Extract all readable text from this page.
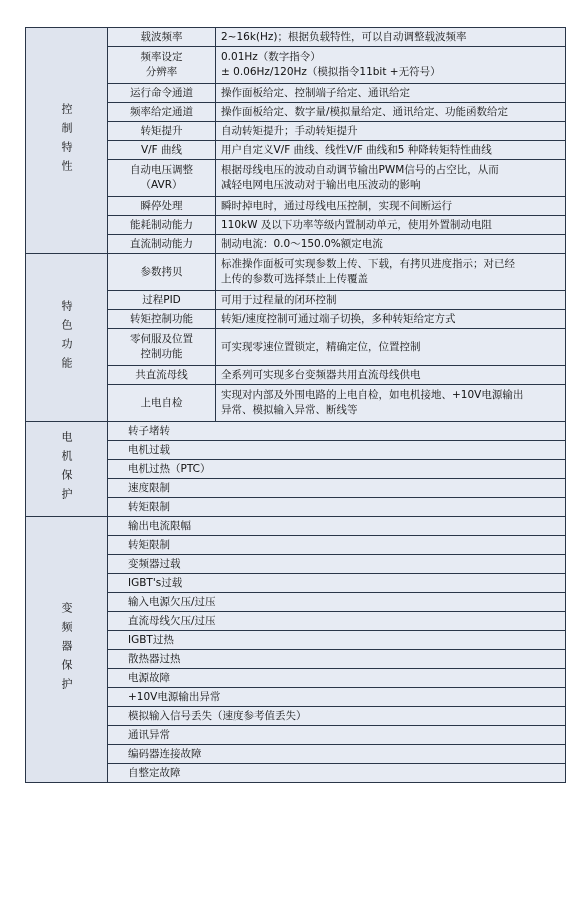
控制特性	载波频率	2~16k(Hz)；根据负载特性，可以自动调整载波频率

	频率设定
分辨率	0.01Hz（数字指令）
± 0.06Hz/120Hz（模拟指令11bit +无符号）

	运行命令通道	操作面板给定、控制端子给定、通讯给定

	频率给定通道	操作面板给定、数字量/模拟量给定、通讯给定、功能函数给定

	转矩提升	自动转矩提升；手动转矩提升

	V/F 曲线	用户自定义V/F 曲线、线性V/F 曲线和5 种降转矩特性曲线

	自动电压调整
（AVR）	根据母线电压的波动自动调节输出PWM信号的占空比，从而
减轻电网电压波动对于输出电压波动的影响

	瞬停处理	瞬时掉电时，通过母线电压控制，实现不间断运行

	能耗制动能力	110kW 及以下功率等级内置制动单元，使用外置制动电阻

	直流制动能力	制动电流：0.0～150.0%额定电流

特色功能	参数拷贝	标准操作面板可实现参数上传、下载，有拷贝进度指示；对已经
上传的参数可选择禁止上传覆盖

	过程PID	可用于过程量的闭环控制

	转矩控制功能	转矩/速度控制可通过端子切换，多种转矩给定方式

	零伺服及位置
控制功能	可实现零速位置锁定，精确定位，位置控制

	共直流母线	全系列可实现多台变频器共用直流母线供电

	上电自检	实现对内部及外围电路的上电自检，如电机接地、+10V电源输出
异常、模拟输入异常、断线等

电机保护	转子堵转	
	电机过载	
	电机过热（PTC）	
	速度限制	
	转矩限制	
变频器保护	输出电流限幅	
	转矩限制	
	变频器过载	
	IGBT's过载	
	输入电源欠压/过压	
	直流母线欠压/过压	
	IGBT过热	
	散热器过热	
	电源故障	
	+10V电源输出异常	
	模拟输入信号丢失（速度参考值丢失）	
	通讯异常	
	编码器连接故障	
	自整定故障	
